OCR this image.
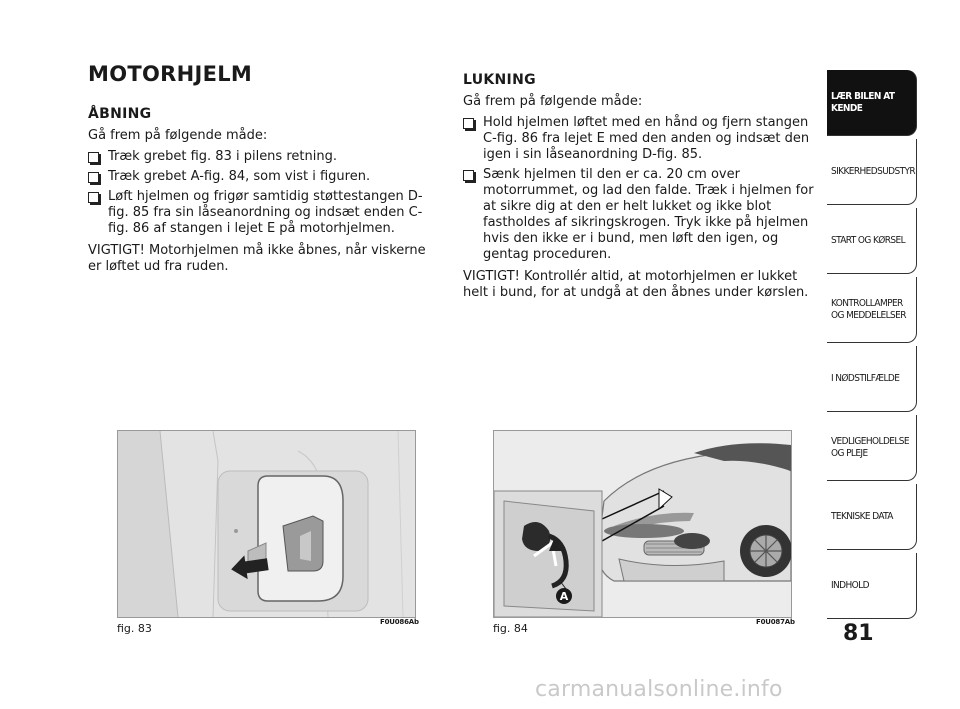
MOTORHJELM
ÅBNING
Gå frem på følgende måde:
Træk grebet fig. 83 i pilens retning.
Træk grebet A-fig. 84, som vist i figuren.
Løft hjelmen og frigør samtidig støttestangen D-fig. 85 fra sin låseanordning og indsæt enden C-fig. 86 af stangen i lejet E på motorhjelmen.
VIGTIGT! Motorhjelmen må ikke åbnes, når viskerne er løftet ud fra ruden.
LUKNING
Gå frem på følgende måde:
Hold hjelmen løftet med en hånd og fjern stangen C-fig. 86 fra lejet E med den anden og indsæt den igen i sin låseanordning D-fig. 85.
Sænk hjelmen til den er ca. 20 cm over motorrummet, og lad den falde. Træk i hjelmen for at sikre dig at den er helt lukket og ikke blot fastholdes af sikringskrogen. Tryk ikke på hjelmen hvis den ikke er i bund, men løft den igen, og gentag proceduren.
VIGTIGT! Kontrollér altid, at motorhjelmen er lukket helt i bund, for at undgå at den åbnes under kørslen.
LÆR BILEN AT KENDE
SIKKERHEDSUDSTYR
START OG KØRSEL
KONTROLLAMPER OG MEDDELELSER
I NØDSTILFÆLDE
VEDLIGEHOLDELSE OG PLEJE
TEKNISKE DATA
INDHOLD
81
fig. 83	F0U086Ab
A
fig. 84	F0U087Ab
carmanualsonline.info
